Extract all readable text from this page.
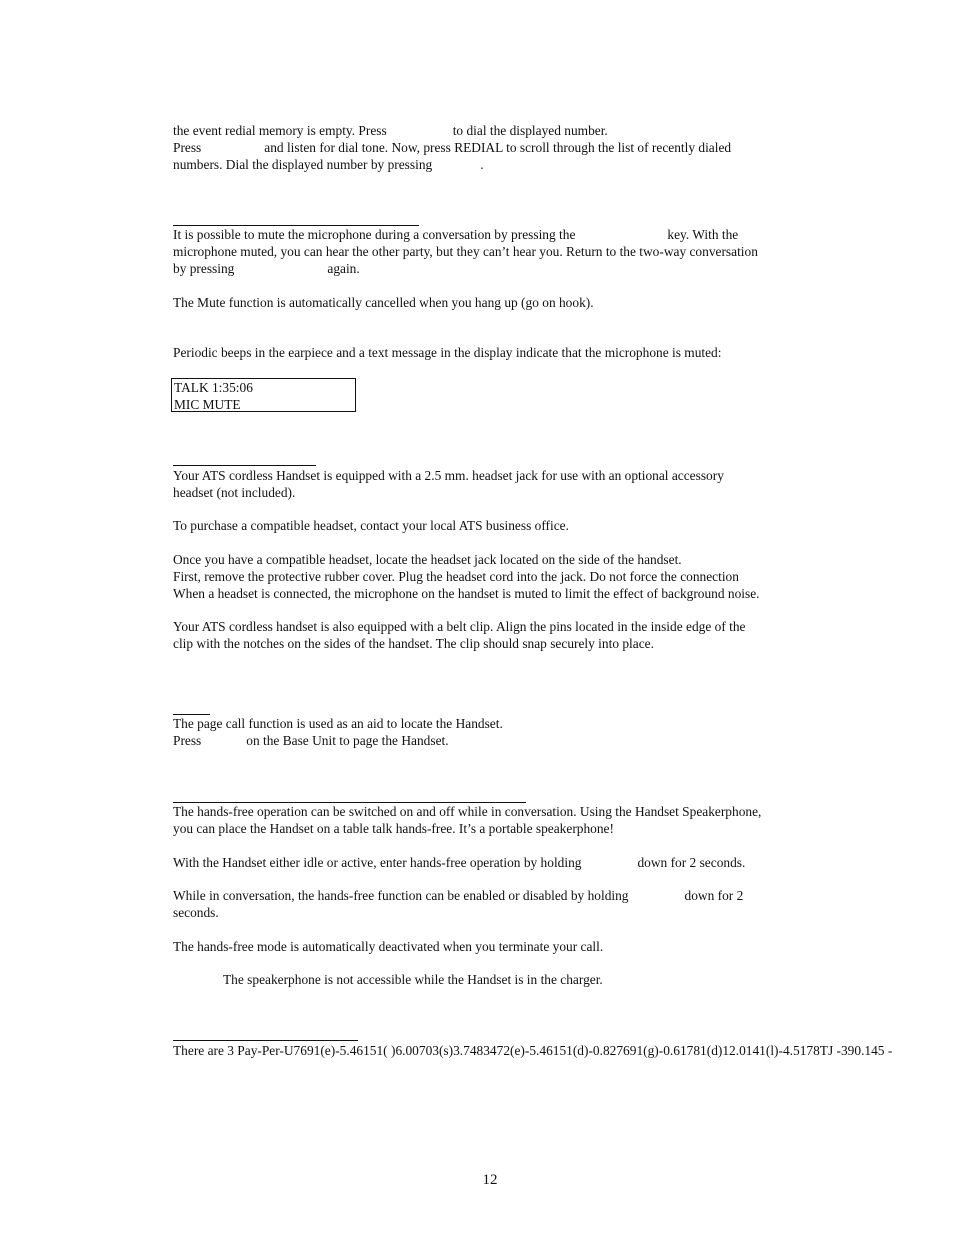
the event redial memory is empty. Press	to dial the displayed number.
Press	and listen for dial tone. Now, press REDIAL to scroll through the list of recently dialed
numbers. Dial the displayed number by pressing	.
It is possible to mute the microphone during a conversation by pressing the	key. With the
microphone muted, you can hear the other party, but they can’t hear you. Return to the two-way conversation
by pressing	again.
The Mute function is automatically cancelled when you hang up (go on hook).
Periodic beeps in the earpiece and a text message in the display indicate that the microphone is muted:
TALK 1:35:06
MIC MUTE
Your ATS cordless Handset is equipped with a 2.5 mm. headset jack for use with an optional accessory
headset (not included).
To purchase a compatible headset, contact your local ATS business office.
Once you have a compatible headset, locate the headset jack located on the side of the handset.
First, remove the protective rubber cover. Plug the headset cord into the jack. Do not force the connection
When a headset is connected, the microphone on the handset is muted to limit the effect of background noise.
Your ATS cordless handset is also equipped with a belt clip. Align the pins located in the inside edge of the
clip with the notches on the sides of the handset. The clip should snap securely into place.
The page call function is used as an aid to locate the Handset.
Press	on the Base Unit to page the Handset.
The hands-free operation can be switched on and off while in conversation. Using the Handset Speakerphone,
you can place the Handset on a table talk hands-free. It’s a portable speakerphone!
With the Handset either idle or active, enter hands-free operation by holding	down for 2 seconds.
While in conversation, the hands-free function can be enabled or disabled by holding	down for 2
seconds.
The hands-free mode is automatically deactivated when you terminate your call.
The speakerphone is not accessible while the Handset is in the charger.
There are 3 Pay-Per-U7691(e)-5.46151( )6.00703(s)3.7483472(e)-5.46151(d)-0.827691(g)-0.61781(d)12.0141(l)-4.5178TJ -390.145 -
12
